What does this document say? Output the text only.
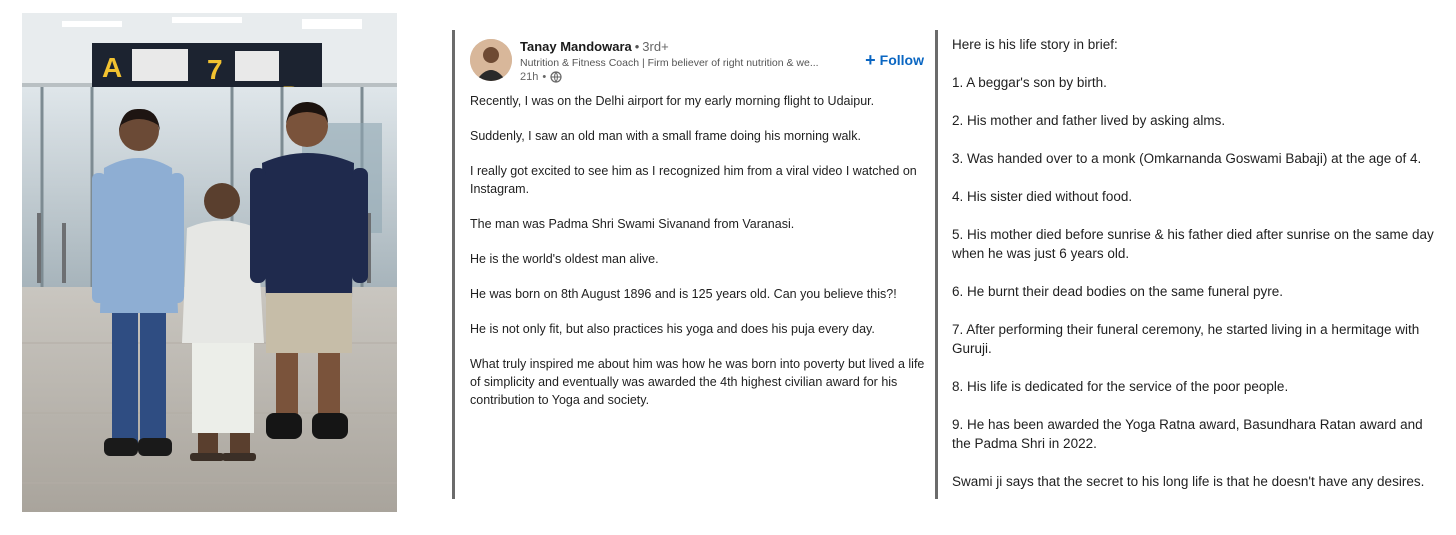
A	7
Tanay Mandowara • 3rd+
Nutrition & Fitness Coach | Firm believer of right nutrition & we...
21h •
+ Follow

Recently, I was on the Delhi airport for my early morning flight to Udaipur.

Suddenly, I saw an old man with a small frame doing his morning walk.

I really got excited to see him as I recognized him from a viral video I watched on Instagram.

The man was Padma Shri Swami Sivanand from Varanasi.

He is the world's oldest man alive.

He was born on 8th August 1896 and is 125 years old. Can you believe this?!

He is not only fit, but also practices his yoga and does his puja every day.

What truly inspired me about him was how he was born into poverty but lived a life of simplicity and eventually was awarded the 4th highest civilian award for his contribution to Yoga and society.

Here is his life story in brief:

1. A beggar's son by birth.

2. His mother and father lived by asking alms.

3. Was handed over to a monk (Omkarnanda Goswami Babaji) at the age of 4.

4. His sister died without food.

5. His mother died before sunrise & his father died after sunrise on the same day when he was just 6 years old.

6. He burnt their dead bodies on the same funeral pyre.

7. After performing their funeral ceremony, he started living in a hermitage with Guruji.

8. His life is dedicated for the service of the poor people.

9. He has been awarded the Yoga Ratna award, Basundhara Ratan award and the Padma Shri in 2022.

Swami ji says that the secret to his long life is that he doesn't have any desires.
